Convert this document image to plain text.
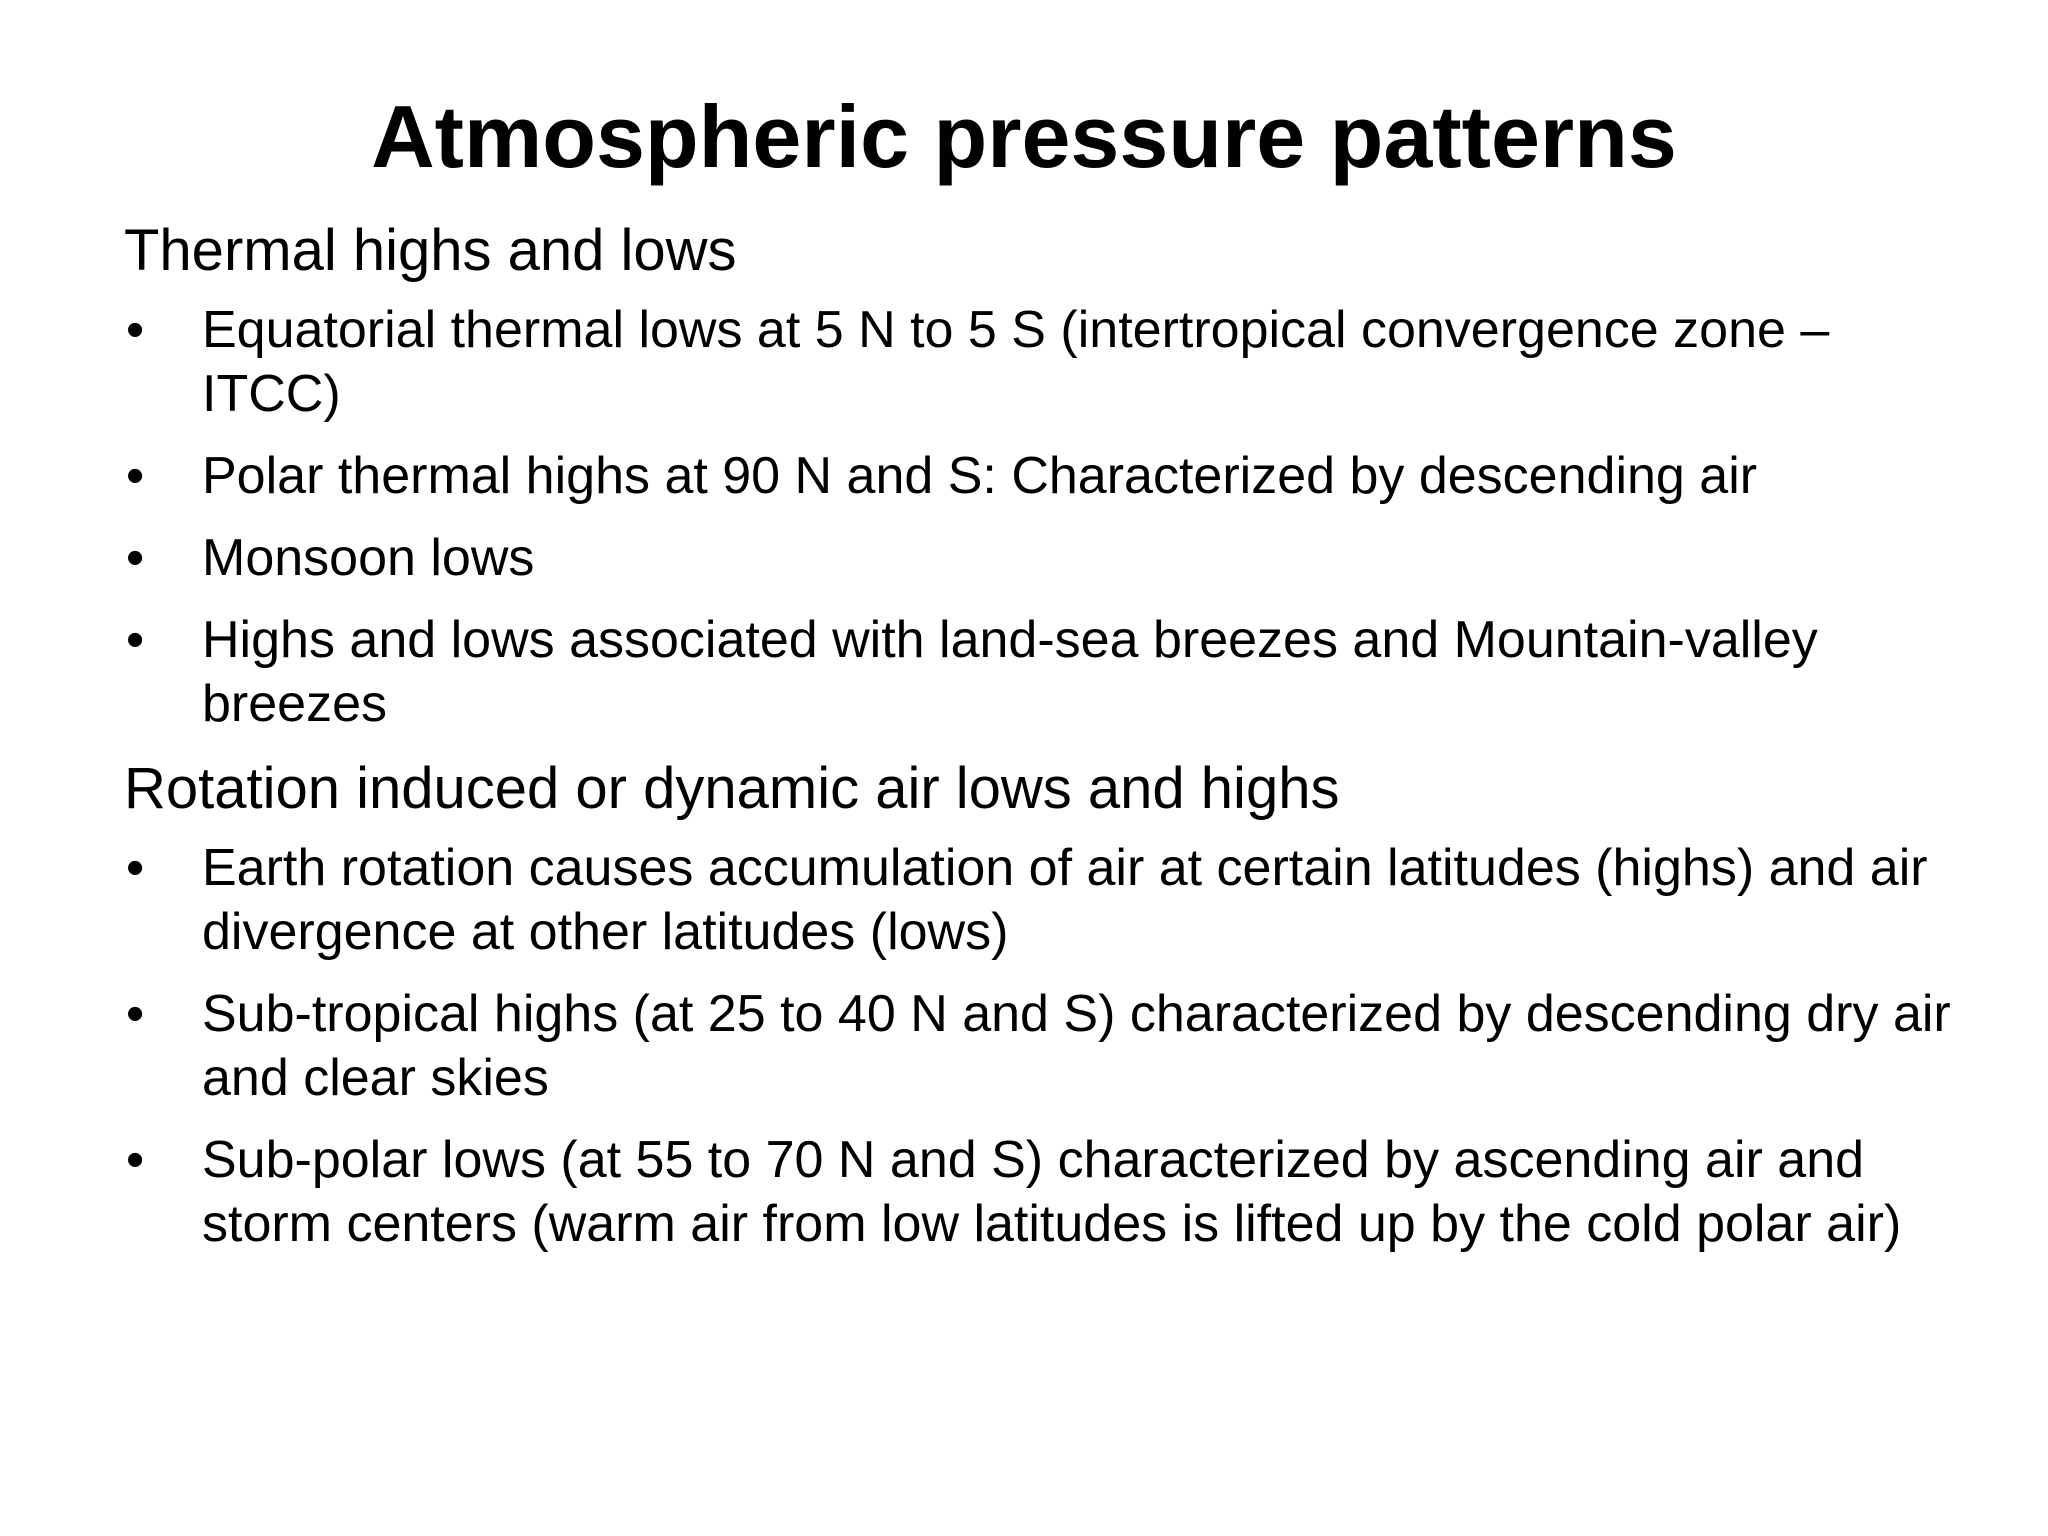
Atmospheric pressure patterns
Thermal highs and lows
• Equatorial thermal lows at 5 N to 5 S (intertropical convergence zone –ITCC)
• Polar thermal highs at 90 N and S: Characterized by descending air
• Monsoon lows
• Highs and lows associated with land-sea breezes and Mountain-valley breezes
Rotation induced or dynamic air lows and highs
• Earth rotation causes accumulation of air at certain latitudes (highs) and air divergence at other latitudes (lows)
• Sub-tropical highs (at 25 to 40 N and S) characterized by descending dry air and clear skies
• Sub-polar lows (at 55 to 70 N and S) characterized by ascending air and storm centers (warm air from low latitudes is lifted up by the cold polar air)
